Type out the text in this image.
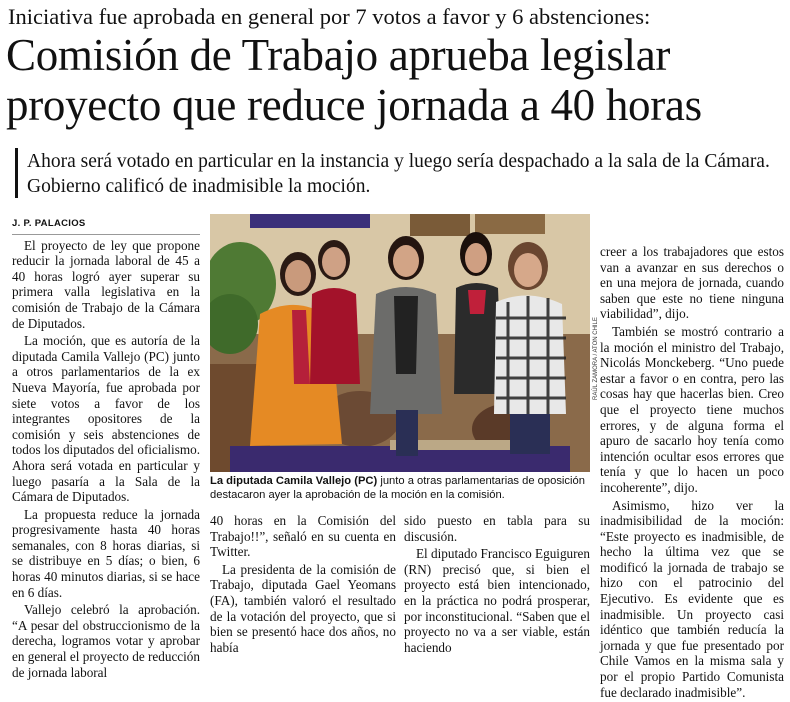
Iniciativa fue aprobada en general por 7 votos a favor y 6 abstenciones:
Comisión de Trabajo aprueba legislar
proyecto que reduce jornada a 40 horas
Ahora será votado en particular en la instancia y luego sería despachado a la sala de la Cámara. Gobierno calificó de inadmisible la moción.
J. P. PALACIOS

El proyecto de ley que propone reducir la jornada laboral de 45 a 40 horas logró ayer superar su primera valla legislativa en la comisión de Trabajo de la Cámara de Diputados.

La moción, que es autoría de la diputada Camila Vallejo (PC) junto a otros parlamentarios de la ex Nueva Mayoría, fue aprobada por siete votos a favor de los integrantes opositores de la comisión y seis abstenciones de todos los diputados del oficialismo. Ahora será votada en particular y luego pasaría a la Sala de la Cámara de Diputados.

La propuesta reduce la jornada progresivamente hasta 40 horas semanales, con 8 horas diarias, si se distribuye en 5 días; o bien, 6 horas 40 minutos diarias, si se hace en 6 días.

Vallejo celebró la aprobación. “A pesar del obstruccionismo de la derecha, logramos votar y aprobar en general el proyecto de reducción de jornada laboral

RAÚL ZAMORA / ATON CHILE
La diputada Camila Vallejo (PC) junto a otras parlamentarias de oposición destacaron ayer la aprobación de la moción en la comisión.

40 horas en la Comisión del Trabajo!!”, señaló en su cuenta en Twitter.

La presidenta de la comisión de Trabajo, diputada Gael Yeomans (FA), también valoró el resultado de la votación del proyecto, que si bien se presentó hace dos años, no había

sido puesto en tabla para su discusión.

El diputado Francisco Eguiguren (RN) precisó que, si bien el proyecto está bien intencionado, en la práctica no podrá prosperar, por inconstitucional. “Saben que el proyecto no va a ser viable, están haciendo

creer a los trabajadores que estos van a avanzar en sus derechos o en una mejora de jornada, cuando saben que este no tiene ninguna viabilidad”, dijo.

También se mostró contrario a la moción el ministro del Trabajo, Nicolás Monckeberg. “Uno puede estar a favor o en contra, pero las cosas hay que hacerlas bien. Creo que el proyecto tiene muchos errores, y de alguna forma el apuro de sacarlo hoy tenía como intención ocultar esos errores que tenía y que lo hacen un poco incoherente”, dijo.

Asimismo, hizo ver la inadmisibilidad de la moción: “Este proyecto es inadmisible, de hecho la última vez que se modificó la jornada de trabajo se hizo con el patrocinio del Ejecutivo. Es evidente que es inadmisible. Un proyecto casi idéntico que también reducía la jornada y que fue presentado por Chile Vamos en la misma sala y por el propio Partido Comunista fue declarado inadmisible”.
